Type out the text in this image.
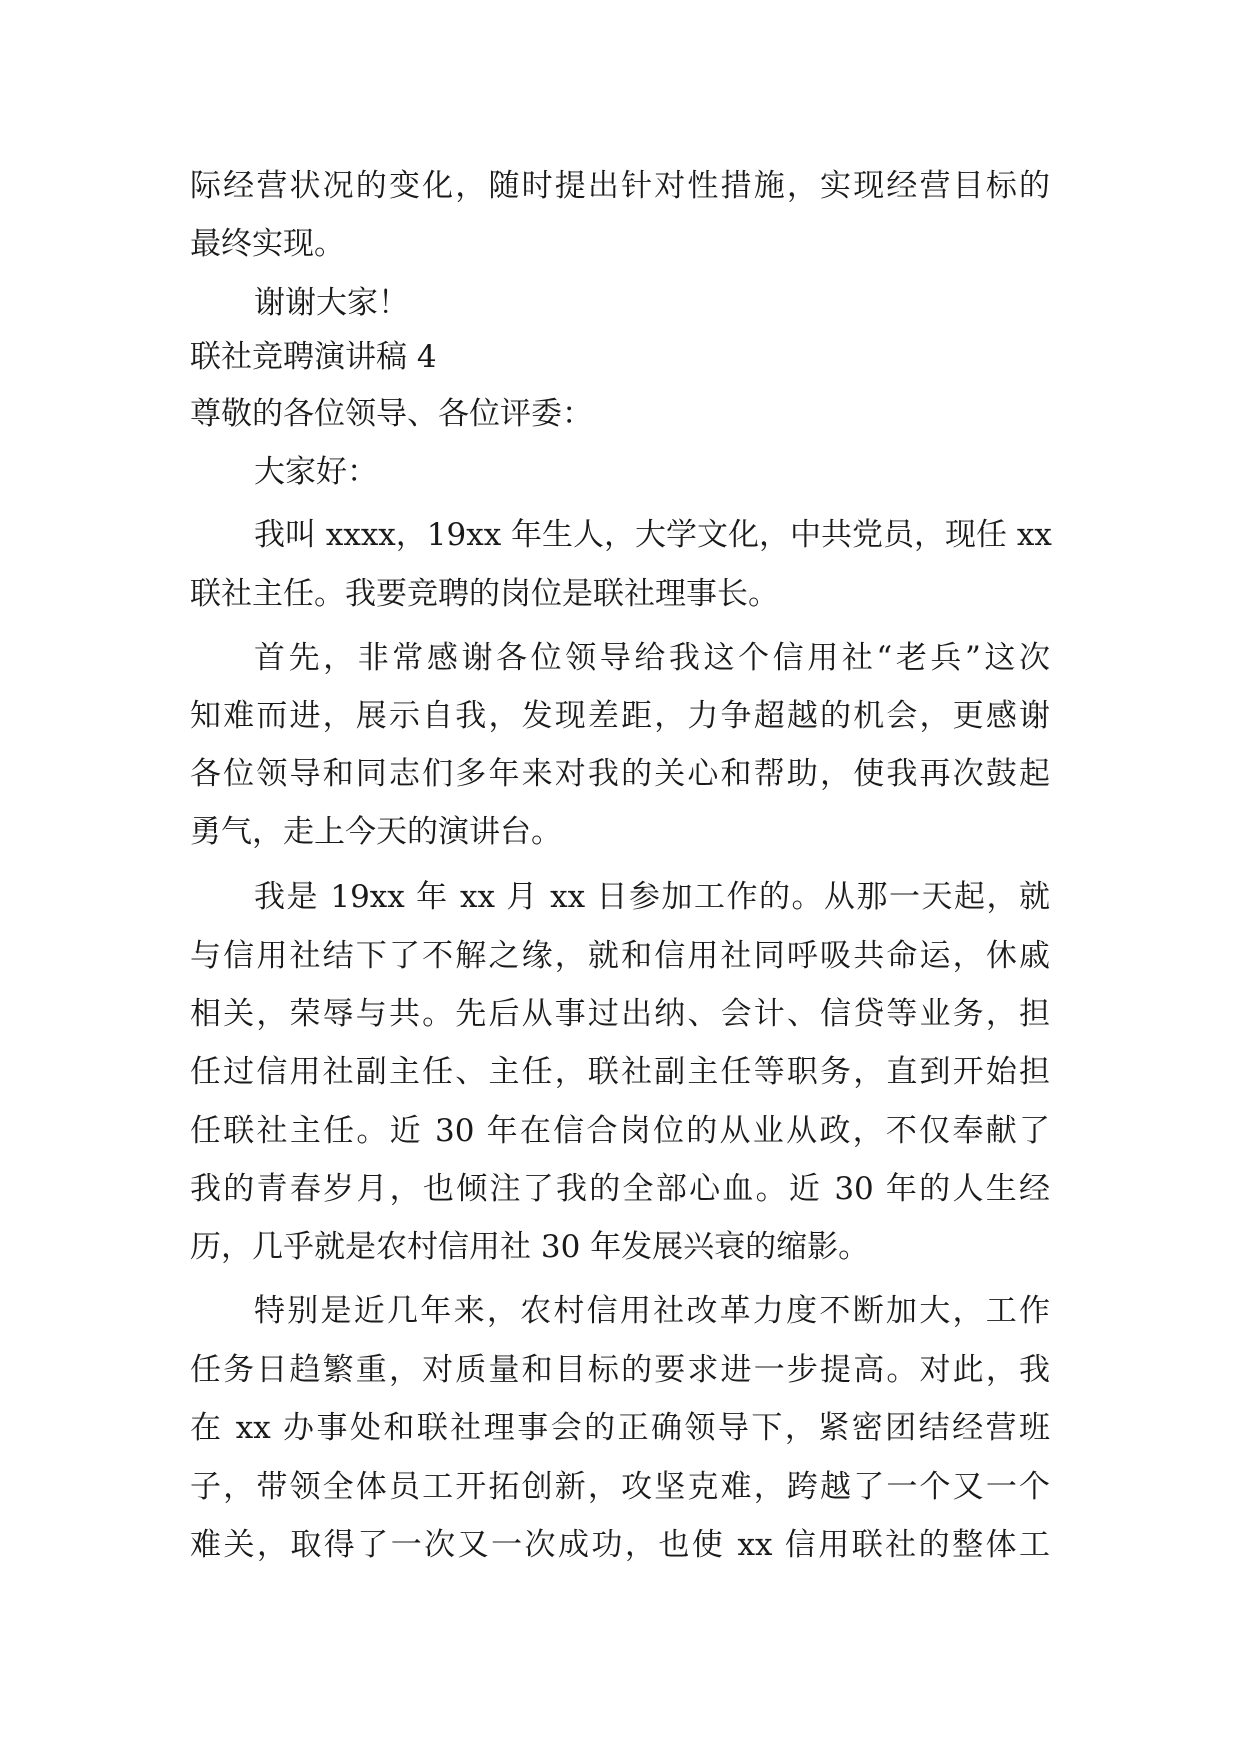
际经营状况的变化，随时提出针对性措施，实现经营目标的
最终实现。
谢谢大家！
联社竞聘演讲稿 4
尊敬的各位领导、各位评委：
大家好：
我叫 xxxx，19xx 年生人，大学文化，中共党员，现任 xx
联社主任。我要竞聘的岗位是联社理事长。
首先，非常感谢各位领导给我这个信用社“老兵”这次
知难而进，展示自我，发现差距，力争超越的机会，更感谢
各位领导和同志们多年来对我的关心和帮助，使我再次鼓起
勇气，走上今天的演讲台。
我是 19xx 年 xx 月 xx 日参加工作的。从那一天起，就
与信用社结下了不解之缘，就和信用社同呼吸共命运，休戚
相关，荣辱与共。先后从事过出纳、会计、信贷等业务，担
任过信用社副主任、主任，联社副主任等职务，直到开始担
任联社主任。近 30 年在信合岗位的从业从政，不仅奉献了
我的青春岁月，也倾注了我的全部心血。近 30 年的人生经
历，几乎就是农村信用社 30 年发展兴衰的缩影。
特别是近几年来，农村信用社改革力度不断加大，工作
任务日趋繁重，对质量和目标的要求进一步提高。对此，我
在 xx 办事处和联社理事会的正确领导下，紧密团结经营班
子，带领全体员工开拓创新，攻坚克难，跨越了一个又一个
难关，取得了一次又一次成功，也使 xx 信用联社的整体工
